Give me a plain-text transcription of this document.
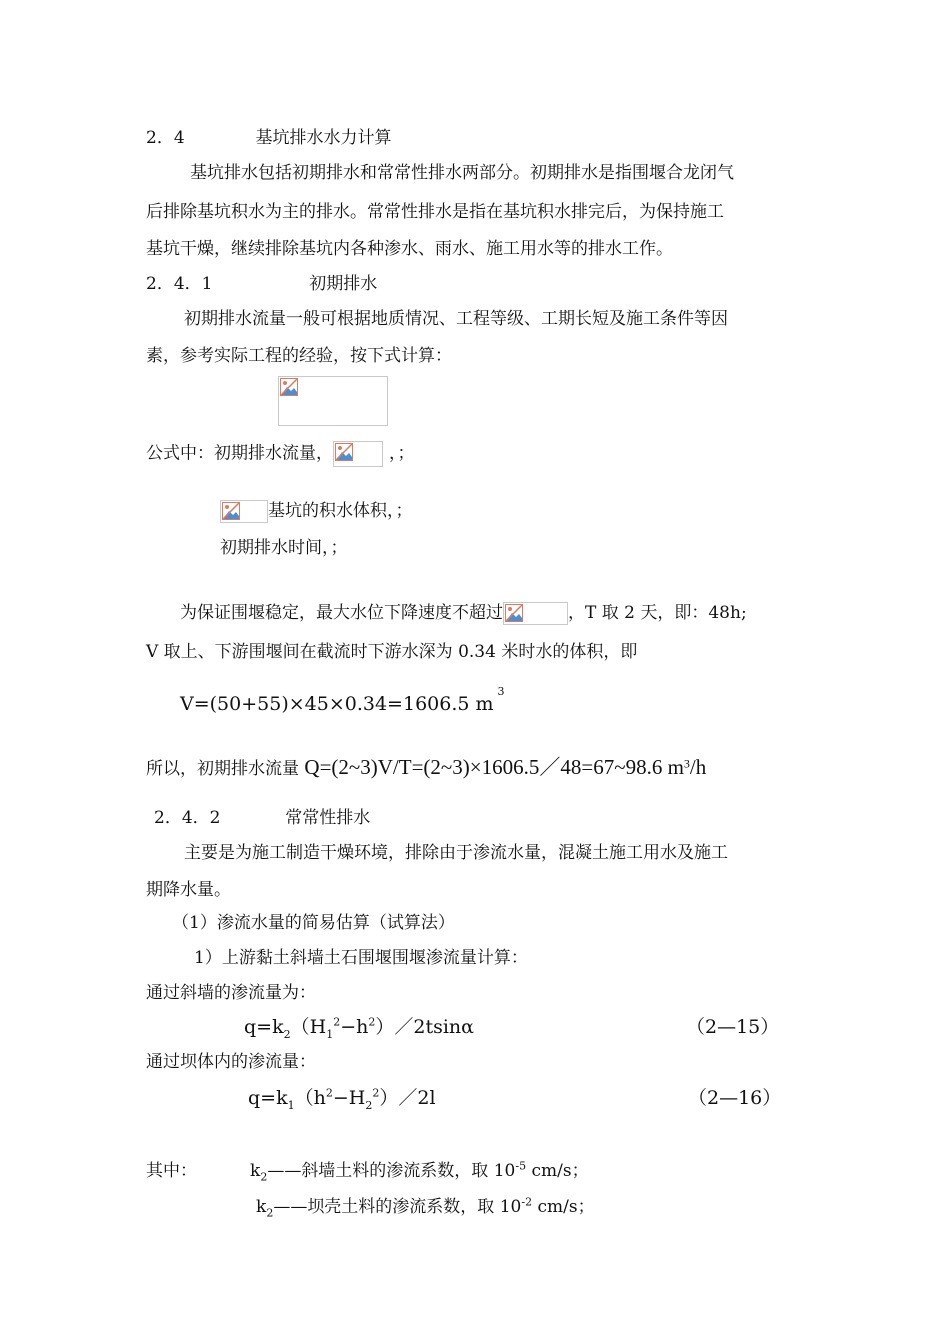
2．4	基坑排水水力计算
基坑排水包括初期排水和常常性排水两部分。初期排水是指围堰合龙闭气
后排除基坑积水为主的排水。常常性排水是指在基坑积水排完后，为保持施工
基坑干燥，继续排除基坑内各种渗水、雨水、施工用水等的排水工作。
2．4．1	初期排水
初期排水流量一般可根据地质情况、工程等级、工期长短及施工条件等因
素，参考实际工程的经验，按下式计算：
公式中：初期排水流量，	，；
基坑的积水体积，；
初期排水时间，；
为保证围堰稳定，最大水位下降速度不超过	，T 取 2 天，即：48h;
V 取上、下游围堰间在截流时下游水深为 0.34 米时水的体积，即
V=(50+55)×45×0.34=1606.5 $m^3$
所以，初期排水流量 Q=(2~3)V/T=(2~3)×1606.5／48=67~98.6 $m^3/h$
2．4．2	常常性排水
主要是为施工制造干燥环境，排除由于渗流水量，混凝土施工用水及施工
期降水量。
（1）渗流水量的简易估算（试算法）
1）上游黏土斜墙土石围堰围堰渗流量计算：
通过斜墙的渗流量为：
$q=k_2(H_1^2-h^2)/2tsin\alpha$	（2—15）
通过坝体内的渗流量：
$q=k_1(h^2-H_2^2)/2l$	（2—16）
其中：	$k_2——$斜墙土料的渗流系数，取 $10^{-5}$ cm/s；
$k_2——$坝壳土料的渗流系数，取 $10^{-2}$ cm/s；
